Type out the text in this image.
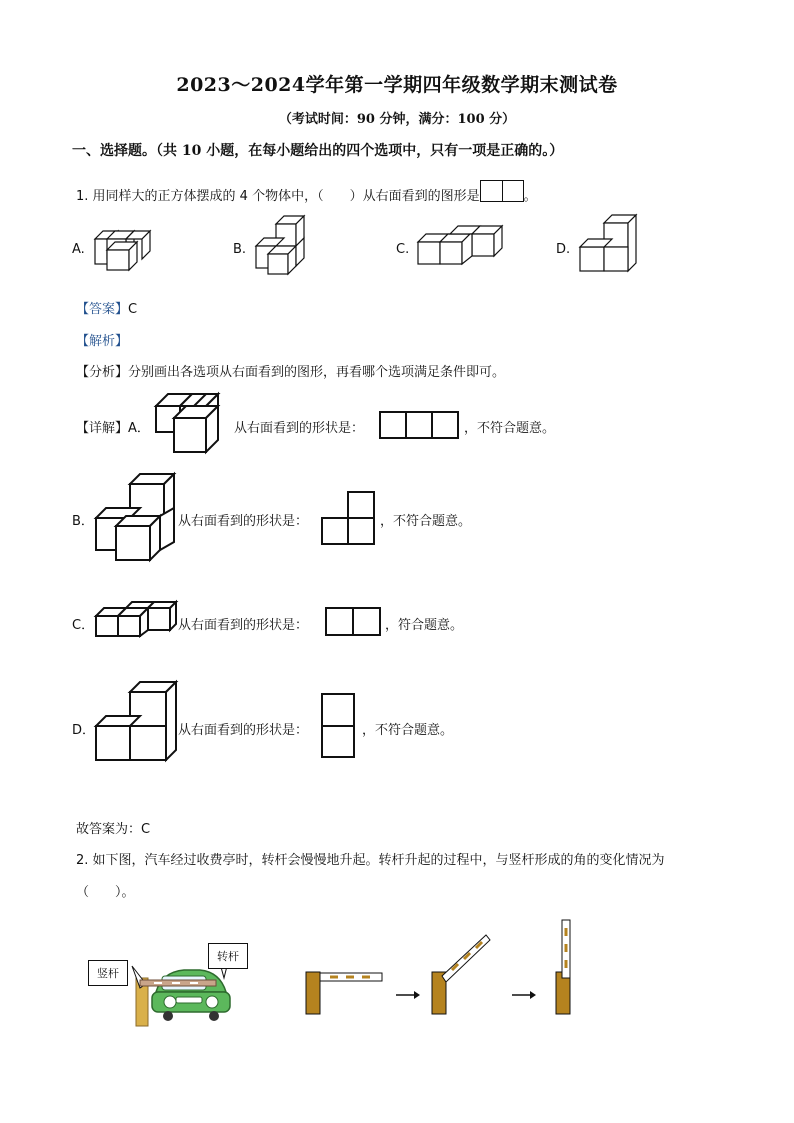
2023～2024学年第一学期四年级数学期末测试卷
（考试时间：90 分钟，满分：100 分）
一、选择题。（共 10 小题，在每小题给出的四个选项中，只有一项是正确的。）
1. 用同样大的正方体摆成的 4 个物体中，（　　）从右面看到的图形是	。
A.	B.	C.	D.
【答案】C
【解析】
【分析】分别画出各选项从右面看到的图形，再看哪个选项满足条件即可。
【详解】A．	从右面看到的形状是：	，不符合题意。
B．	从右面看到的形状是：	，不符合题意。
C．	从右面看到的形状是：	，符合题意。
D．	从右面看到的形状是：	，不符合题意。
故答案为：C
2. 如下图，汽车经过收费亭时，转杆会慢慢地升起。转杆升起的过程中，与竖杆形成的角的变化情况为
（　　）。
竖杆
转杆
